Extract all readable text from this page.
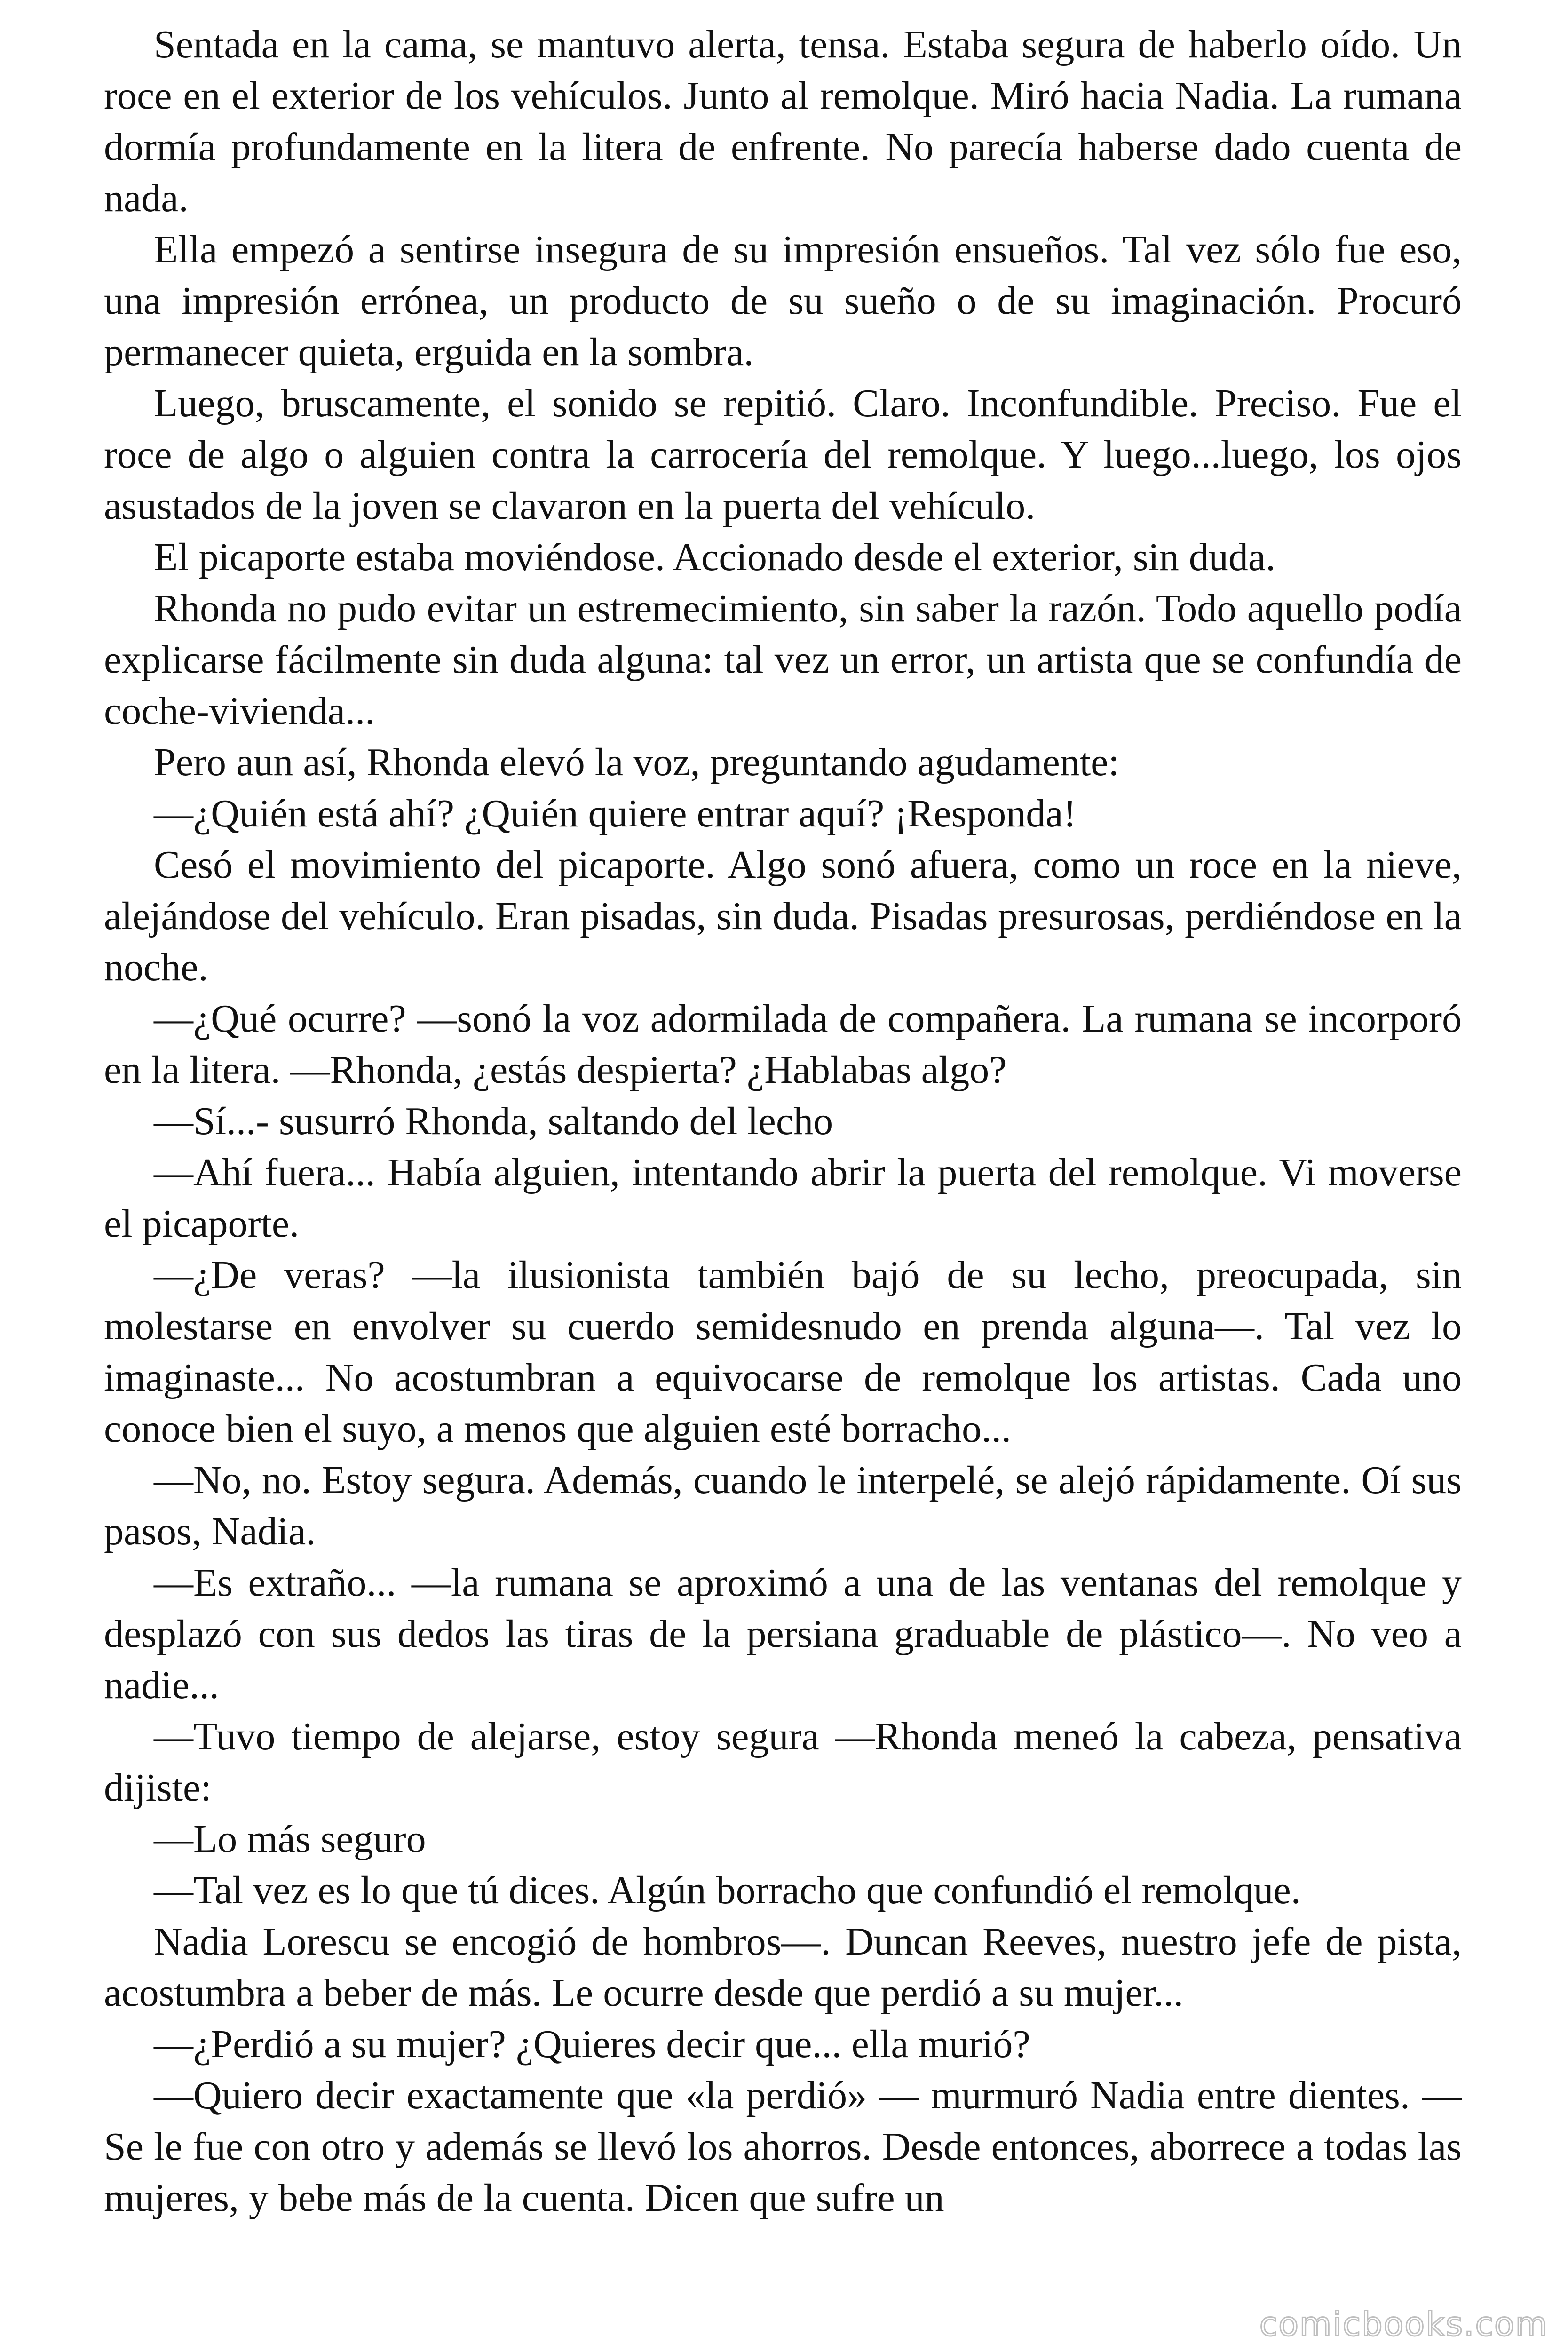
Sentada en la cama, se mantuvo alerta, tensa. Estaba segura de haberlo oído. Un roce en el exterior de los vehículos. Junto al remolque. Miró hacia Nadia. La rumana dormía profundamente en la litera de enfrente. No parecía haberse dado cuenta de nada.

Ella empezó a sentirse insegura de su impresión ensueños. Tal vez sólo fue eso, una impresión errónea, un producto de su sueño o de su imaginación. Procuró permanecer quieta, erguida en la sombra.

Luego, bruscamente, el sonido se repitió. Claro. Inconfundible. Preciso. Fue el roce de algo o alguien contra la carrocería del remolque. Y luego...luego, los ojos asustados de la joven se clavaron en la puerta del vehículo.

El picaporte estaba moviéndose. Accionado desde el exterior, sin duda.

Rhonda no pudo evitar un estremecimiento, sin saber la razón. Todo aquello podía explicarse fácilmente sin duda alguna: tal vez un error, un artista que se confundía de coche-vivienda...

Pero aun así, Rhonda elevó la voz, preguntando agudamente:

—¿Quién está ahí? ¿Quién quiere entrar aquí? ¡Responda!

Cesó el movimiento del picaporte. Algo sonó afuera, como un roce en la nieve, alejándose del vehículo. Eran pisadas, sin duda. Pisadas presurosas, perdiéndose en la noche.

—¿Qué ocurre? —sonó la voz adormilada de compañera. La rumana se incorporó en la litera. —Rhonda, ¿estás despierta? ¿Hablabas algo?

—Sí...- susurró Rhonda, saltando del lecho

—Ahí fuera... Había alguien, intentando abrir la puerta del remolque. Vi moverse el picaporte.

—¿De veras? —la ilusionista también bajó de su lecho, preocupada, sin molestarse en envolver su cuerdo semidesnudo en prenda alguna—. Tal vez lo imaginaste... No acostumbran a equivocarse de remolque los artistas. Cada uno conoce bien el suyo, a menos que alguien esté borracho...

—No, no. Estoy segura. Además, cuando le interpelé, se alejó rápidamente. Oí sus pasos, Nadia.

—Es extraño... —la rumana se aproximó a una de las ventanas del remolque y desplazó con sus dedos las tiras de la persiana graduable de plástico—. No veo a nadie...

—Tuvo tiempo de alejarse, estoy segura —Rhonda meneó la cabeza, pensativa dijiste:

—Lo más seguro

—Tal vez es lo que tú dices. Algún borracho que confundió el remolque.

Nadia Lorescu se encogió de hombros—. Duncan Reeves, nuestro jefe de pista, acostumbra a beber de más. Le ocurre desde que perdió a su mujer...

—¿Perdió a su mujer? ¿Quieres decir que... ella murió?

—Quiero decir exactamente que «la perdió» — murmuró Nadia entre dientes. —Se le fue con otro y además se llevó los ahorros. Desde entonces, aborrece a todas las mujeres, y bebe más de la cuenta. Dicen que sufre un

comicbooks.com
